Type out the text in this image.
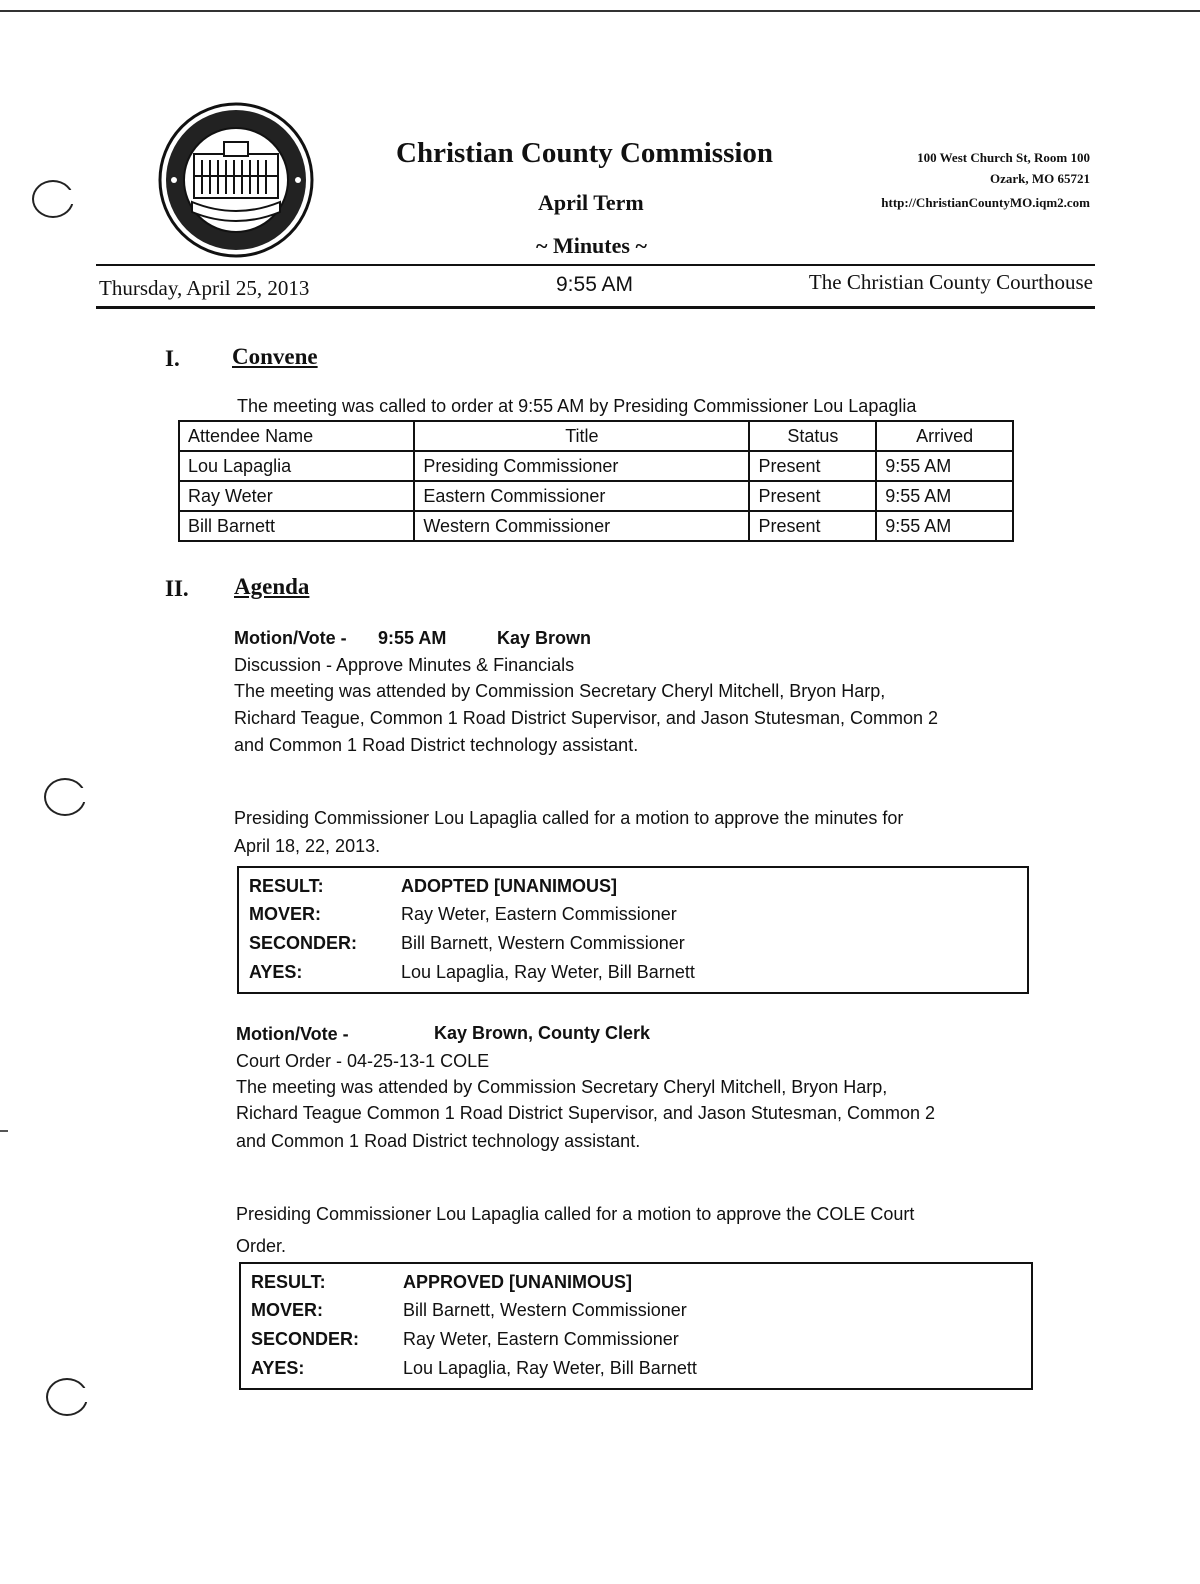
Christian County Commission
April Term
~ Minutes ~
100 West Church St, Room 100
Ozark, MO 65721
http://ChristianCountyMO.iqm2.com
Thursday, April 25, 2013	9:55 AM	The Christian County Courthouse
I. Convene
The meeting was called to order at 9:55 AM by Presiding Commissioner Lou Lapaglia
Attendee Name	Title	Status	Arrived
Lou Lapaglia	Presiding Commissioner	Present	9:55 AM
Ray Weter	Eastern Commissioner	Present	9:55 AM
Bill Barnett	Western Commissioner	Present	9:55 AM
II. Agenda
Motion/Vote - 9:55 AM	Kay Brown
Discussion - Approve Minutes & Financials
The meeting was attended by Commission Secretary Cheryl Mitchell, Bryon Harp,
Richard Teague, Common 1 Road District Supervisor, and Jason Stutesman, Common 2
and Common 1 Road District technology assistant.
Presiding Commissioner Lou Lapaglia called for a motion to approve the minutes for
April 18, 22, 2013.
RESULT:	ADOPTED [UNANIMOUS]
MOVER:	Ray Weter, Eastern Commissioner
SECONDER:	Bill Barnett, Western Commissioner
AYES:	Lou Lapaglia, Ray Weter, Bill Barnett
Motion/Vote -	Kay Brown, County Clerk
Court Order - 04-25-13-1 COLE
The meeting was attended by Commission Secretary Cheryl Mitchell, Bryon Harp,
Richard Teague Common 1 Road District Supervisor, and Jason Stutesman, Common 2
and Common 1 Road District technology assistant.
Presiding Commissioner Lou Lapaglia called for a motion to approve the COLE Court
Order.
RESULT:	APPROVED [UNANIMOUS]
MOVER:	Bill Barnett, Western Commissioner
SECONDER:	Ray Weter, Eastern Commissioner
AYES:	Lou Lapaglia, Ray Weter, Bill Barnett
